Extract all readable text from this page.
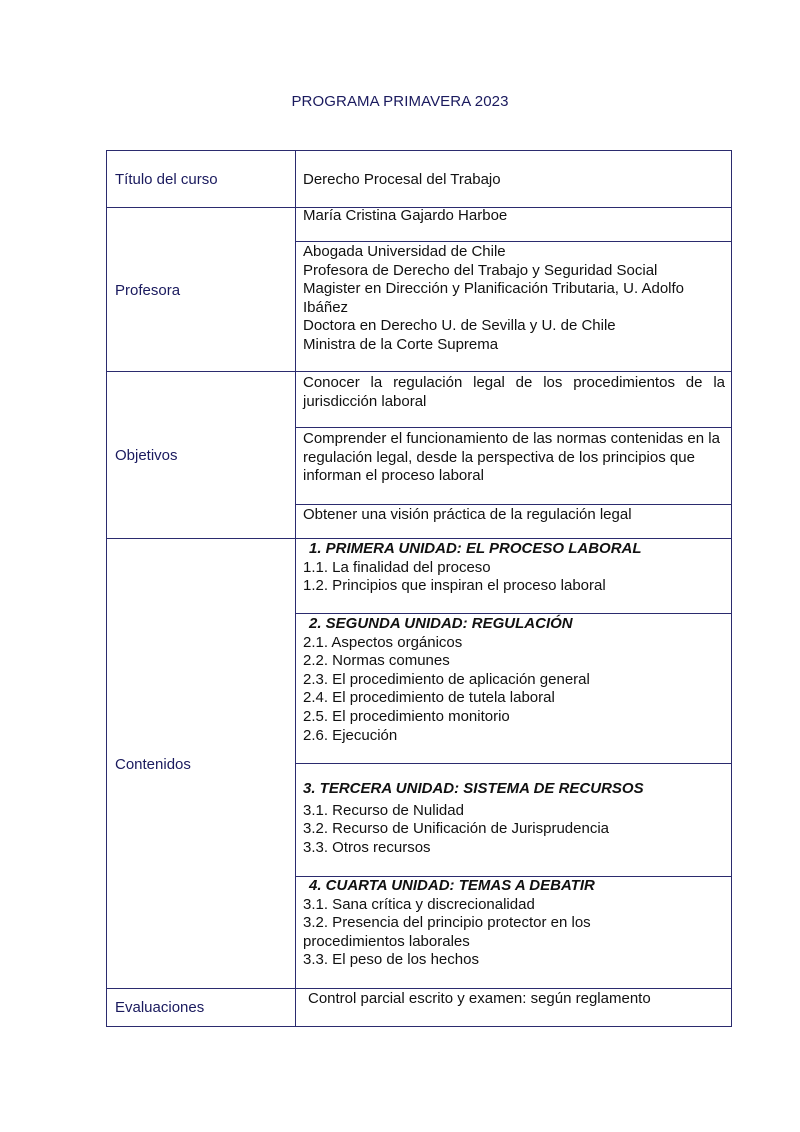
PROGRAMA PRIMAVERA 2023
Título del curso	Derecho Procesal del Trabajo
Profesora
María Cristina Gajardo Harboe
Abogada Universidad de Chile
Profesora de Derecho del Trabajo y Seguridad Social
Magister en Dirección y Planificación Tributaria, U. Adolfo Ibáñez
Doctora en Derecho U. de Sevilla y U. de Chile
Ministra de la Corte Suprema
Objetivos
Conocer la regulación legal de los procedimientos de la jurisdicción laboral
Comprender el funcionamiento de las normas contenidas en la regulación legal, desde la perspectiva de los principios que informan el proceso laboral
Obtener una visión práctica de la regulación legal
Contenidos
1. PRIMERA UNIDAD: EL PROCESO LABORAL
1.1. La finalidad del proceso
1.2. Principios que inspiran el proceso laboral
2. SEGUNDA UNIDAD: REGULACIÓN
2.1. Aspectos orgánicos
2.2. Normas comunes
2.3. El procedimiento de aplicación general
2.4. El procedimiento de tutela laboral
2.5. El procedimiento monitorio
2.6. Ejecución
3. TERCERA UNIDAD: SISTEMA DE RECURSOS
3.1. Recurso de Nulidad
3.2. Recurso de Unificación de Jurisprudencia
3.3. Otros recursos
4. CUARTA UNIDAD: TEMAS A DEBATIR
3.1. Sana crítica y discrecionalidad
3.2. Presencia del principio protector en los procedimientos laborales
3.3. El peso de los hechos
Evaluaciones
Control parcial escrito y examen: según reglamento
